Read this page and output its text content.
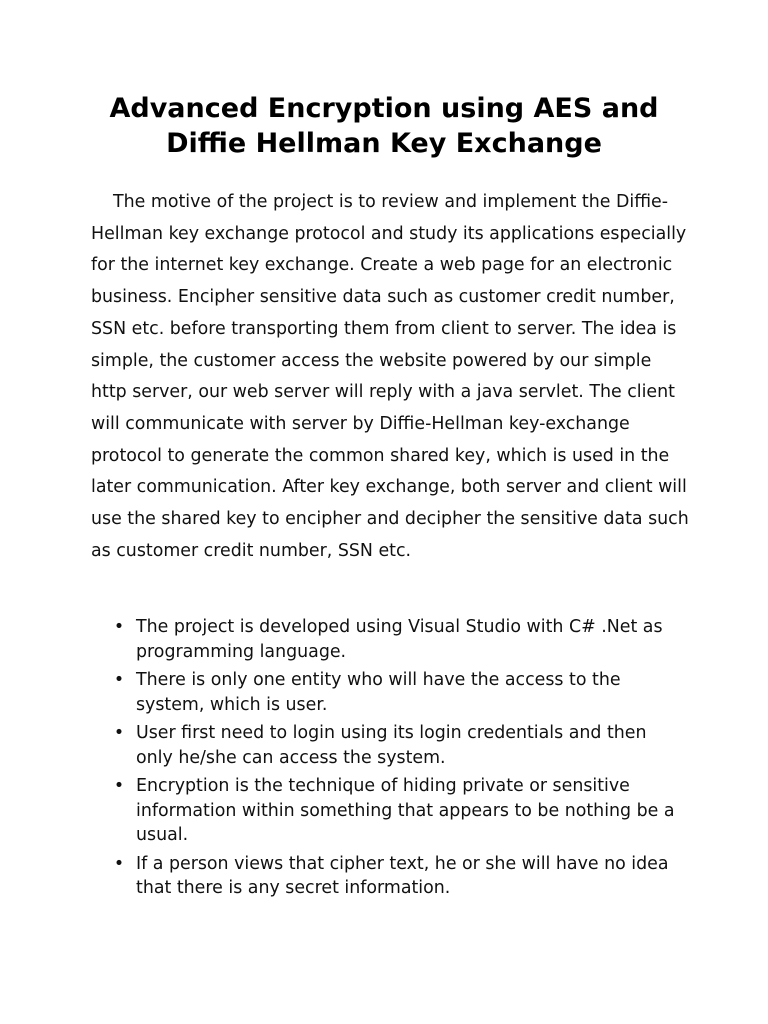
Advanced Encryption using AES and
Diffie Hellman Key Exchange

The motive of the project is to review and implement the Diffie-Hellman key exchange protocol and study its applications especially for the internet key exchange. Create a web page for an electronic business. Encipher sensitive data such as customer credit number, SSN etc. before transporting them from client to server. The idea is simple, the customer access the website powered by our simple http server, our web server will reply with a java servlet. The client will communicate with server by Diffie-Hellman key-exchange protocol to generate the common shared key, which is used in the later communication. After key exchange, both server and client will use the shared key to encipher and decipher the sensitive data such as customer credit number, SSN etc.

• The project is developed using Visual Studio with C# .Net as programming language.
• There is only one entity who will have the access to the system, which is user.
• User first need to login using its login credentials and then only he/she can access the system.
• Encryption is the technique of hiding private or sensitive information within something that appears to be nothing be a usual.
• If a person views that cipher text, he or she will have no idea that there is any secret information.
